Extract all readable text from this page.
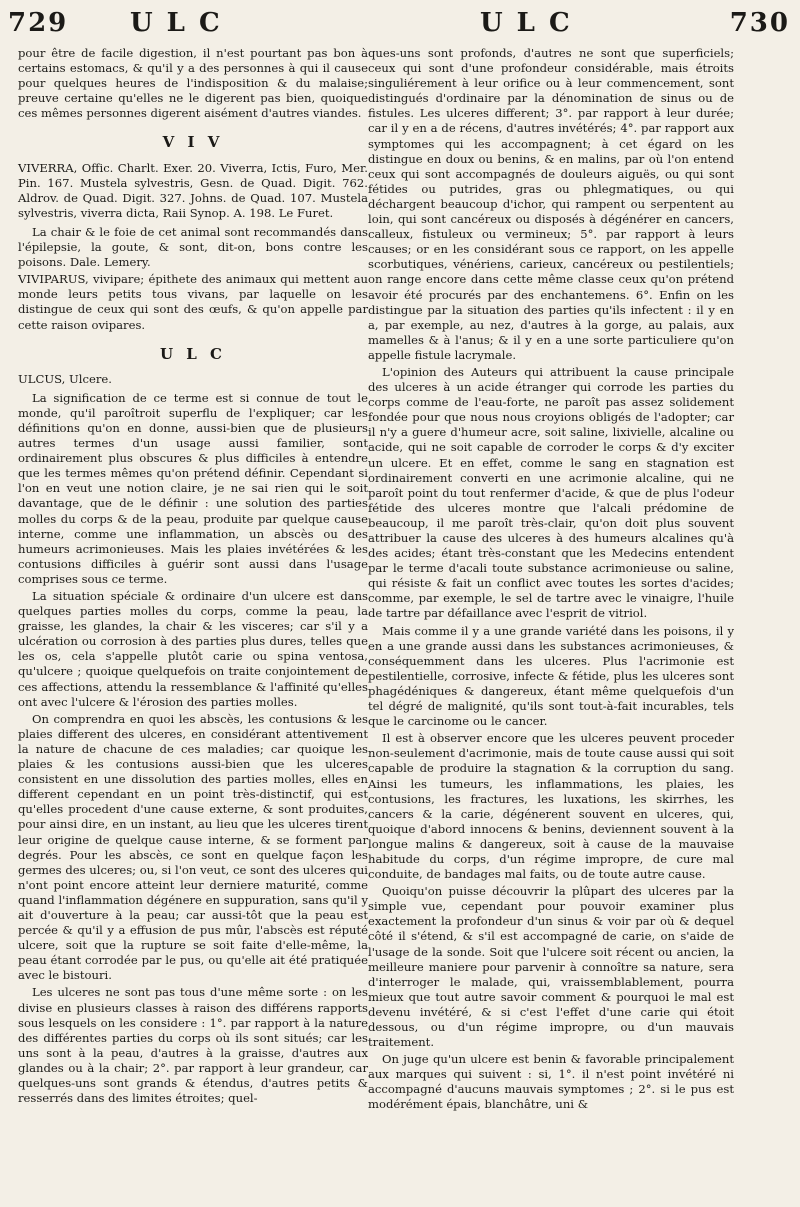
729 ULC	ULC	730

pour être de facile digestion, il n'est pourtant pas bon à certains estomacs, & qu'il y a des personnes à qui il cause pour quelques heures de l'indisposition & du malaise; preuve certaine qu'elles ne le digerent pas bien, quoique ces mêmes personnes digerent aisément d'autres viandes.

V I V

VIVERRA, Offic. Charlt. Exer. 20. Viverra, Ictis, Furo, Mer. Pin. 167. Mustela sylvestris, Gesn. de Quad. Digit. 762. Aldrov. de Quad. Digit. 327. Johns. de Quad. 107. Mustela sylvestris, viverra dicta, Raii Synop. A. 198. Le Furet.

La chair & le foie de cet animal sont recommandés dans l'épilepsie, la goute, & sont, dit-on, bons contre les poisons. Dale. Lemery.

VIVIPARUS, vivipare; épithete des animaux qui mettent au monde leurs petits tous vivans, par laquelle on les distingue de ceux qui sont des œufs, & qu'on appelle par cette raison ovipares.

U L C

ULCUS, Ulcere.

La signification de ce terme est si connue de tout le monde, qu'il paroîtroit superflu de l'expliquer; car les définitions qu'on en donne, aussi-bien que de plusieurs autres termes d'un usage aussi familier, sont ordinairement plus obscures & plus difficiles à entendre que les termes mêmes qu'on prétend définir. Cependant si l'on en veut une notion claire, je ne sai rien qui le soit davantage, que de le définir : une solution des parties molles du corps & de la peau, produite par quelque cause interne, comme une inflammation, un abscès ou des humeurs acrimonieuses. Mais les plaies invétérées & les contusions difficiles à guérir sont aussi dans l'usage comprises sous ce terme.

La situation spéciale & ordinaire d'un ulcere est dans quelques parties molles du corps, comme la peau, la graisse, les glandes, la chair & les visceres; car s'il y a ulcération ou corrosion à des parties plus dures, telles que les os, cela s'appelle plutôt carie ou spina ventosa, qu'ulcere ; quoique quelquefois on traite conjointement de ces affections, attendu la ressemblance & l'affinité qu'elles ont avec l'ulcere & l'érosion des parties molles.

On comprendra en quoi les abscès, les contusions & les plaies different des ulceres, en considérant attentivement la nature de chacune de ces maladies; car quoique les plaies & les contusions aussi-bien que les ulceres consistent en une dissolution des parties molles, elles en different cependant en un point très-distinctif, qui est qu'elles procedent d'une cause externe, & sont produites, pour ainsi dire, en un instant, au lieu que les ulceres tirent leur origine de quelque cause interne, & se forment par degrés. Pour les abscès, ce sont en quelque façon les germes des ulceres; ou, si l'on veut, ce sont des ulceres qui n'ont point encore atteint leur derniere maturité, comme quand l'inflammation dégénere en suppuration, sans qu'il y ait d'ouverture à la peau; car aussi-tôt que la peau est percée & qu'il y a effusion de pus mûr, l'abscès est réputé ulcere, soit que la rupture se soit faite d'elle-même, la peau étant corrodée par le pus, ou qu'elle ait été pratiquée avec le bistouri.

Les ulceres ne sont pas tous d'une même sorte : on les divise en plusieurs classes à raison des différens rapports sous lesquels on les considere : 1°. par rapport à la nature des différentes parties du corps où ils sont situés; car les uns sont à la peau, d'autres à la graisse, d'autres aux glandes ou à la chair; 2°. par rapport à leur grandeur, car quelques-uns sont grands & étendus, d'autres petits & resserrés dans des limites étroites; quel-

ques-uns sont profonds, d'autres ne sont que superficiels; ceux qui sont d'une profondeur considérable, mais étroits singuliérement à leur orifice ou à leur commencement, sont distingués d'ordinaire par la dénomination de sinus ou de fistules. Les ulceres different; 3°. par rapport à leur durée; car il y en a de récens, d'autres invétérés; 4°. par rapport aux symptomes qui les accompagnent; à cet égard on les distingue en doux ou benins, & en malins, par où l'on entend ceux qui sont accompagnés de douleurs aiguës, ou qui sont fétides ou putrides, gras ou phlegmatiques, ou qui déchargent beaucoup d'ichor, qui rampent ou serpentent au loin, qui sont cancéreux ou disposés à dégénérer en cancers, calleux, fistuleux ou vermineux; 5°. par rapport à leurs causes; or en les considérant sous ce rapport, on les appelle scorbutiques, vénériens, carieux, cancéreux ou pestilentiels; on range encore dans cette même classe ceux qu'on prétend avoir été procurés par des enchantemens. 6°. Enfin on les distingue par la situation des parties qu'ils infectent : il y en a, par exemple, au nez, d'autres à la gorge, au palais, aux mamelles & à l'anus; & il y en a une sorte particuliere qu'on appelle fistule lacrymale.

L'opinion des Auteurs qui attribuent la cause principale des ulceres à un acide étranger qui corrode les parties du corps comme de l'eau-forte, ne paroît pas assez solidement fondée pour que nous nous croyions obligés de l'adopter; car il n'y a guere d'humeur acre, soit saline, lixivielle, alcaline ou acide, qui ne soit capable de corroder le corps & d'y exciter un ulcere. Et en effet, comme le sang en stagnation est ordinairement converti en une acrimonie alcaline, qui ne paroît point du tout renfermer d'acide, & que de plus l'odeur fétide des ulceres montre que l'alcali prédomine de beaucoup, il me paroît très-clair, qu'on doit plus souvent attribuer la cause des ulceres à des humeurs alcalines qu'à des acides; étant très-constant que les Medecins entendent par le terme d'acali toute substance acrimonieuse ou saline, qui résiste & fait un conflict avec toutes les sortes d'acides; comme, par exemple, le sel de tartre avec le vinaigre, l'huile de tartre par défaillance avec l'esprit de vitriol.

Mais comme il y a une grande variété dans les poisons, il y en a une grande aussi dans les substances acrimonieuses, & conséquemment dans les ulceres. Plus l'acrimonie est pestilentielle, corrosive, infecte & fétide, plus les ulceres sont phagédéniques & dangereux, étant même quelquefois d'un tel dégré de malignité, qu'ils sont tout-à-fait incurables, tels que le carcinome ou le cancer.

Il est à observer encore que les ulceres peuvent proceder non-seulement d'acrimonie, mais de toute cause aussi qui soit capable de produire la stagnation & la corruption du sang. Ainsi les tumeurs, les inflammations, les plaies, les contusions, les fractures, les luxations, les skirrhes, les cancers & la carie, dégénerent souvent en ulceres, qui, quoique d'abord innocens & benins, deviennent souvent à la longue malins & dangereux, soit à cause de la mauvaise habitude du corps, d'un régime impropre, de cure mal conduite, de bandages mal faits, ou de toute autre cause.

Quoiqu'on puisse découvrir la plûpart des ulceres par la simple vue, cependant pour pouvoir examiner plus exactement la profondeur d'un sinus & voir par où & dequel côté il s'étend, & s'il est accompagné de carie, on s'aide de l'usage de la sonde. Soit que l'ulcere soit récent ou ancien, la meilleure maniere pour parvenir à connoître sa nature, sera d'interroger le malade, qui, vraissemblablement, pourra mieux que tout autre savoir comment & pourquoi le mal est devenu invétéré, & si c'est l'effet d'une carie qui étoit dessous, ou d'un régime impropre, ou d'un mauvais traitement.

On juge qu'un ulcere est benin & favorable principalement aux marques qui suivent : si, 1°. il n'est point invétéré ni accompagné d'aucuns mauvais symptomes ; 2°. si le pus est modérément épais, blanchâtre, uni &
